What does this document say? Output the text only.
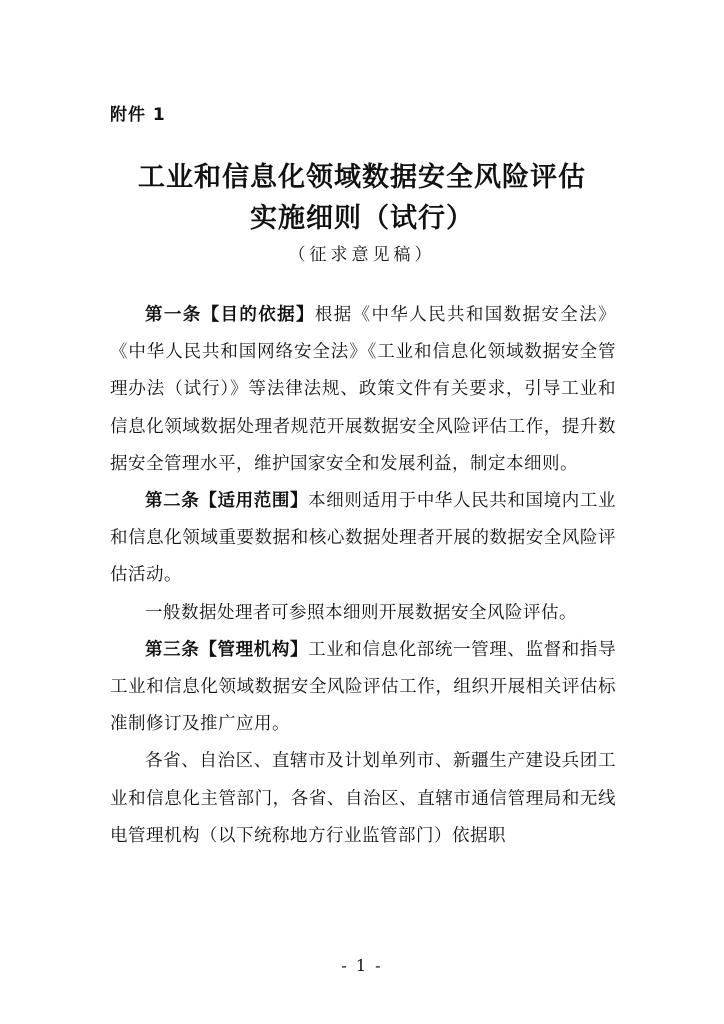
附件 1
工业和信息化领域数据安全风险评估
实施细则（试行）
（征求意见稿）

第一条【目的依据】根据《中华人民共和国数据安全法》《中华人民共和国网络安全法》《工业和信息化领域数据安全管理办法（试行）》等法律法规、政策文件有关要求，引导工业和信息化领域数据处理者规范开展数据安全风险评估工作，提升数据安全管理水平，维护国家安全和发展利益，制定本细则。

第二条【适用范围】本细则适用于中华人民共和国境内工业和信息化领域重要数据和核心数据处理者开展的数据安全风险评估活动。

一般数据处理者可参照本细则开展数据安全风险评估。

第三条【管理机构】工业和信息化部统一管理、监督和指导工业和信息化领域数据安全风险评估工作，组织开展相关评估标准制修订及推广应用。

各省、自治区、直辖市及计划单列市、新疆生产建设兵团工业和信息化主管部门，各省、自治区、直辖市通信管理局和无线电管理机构（以下统称地方行业监管部门）依据职

- 1 -
